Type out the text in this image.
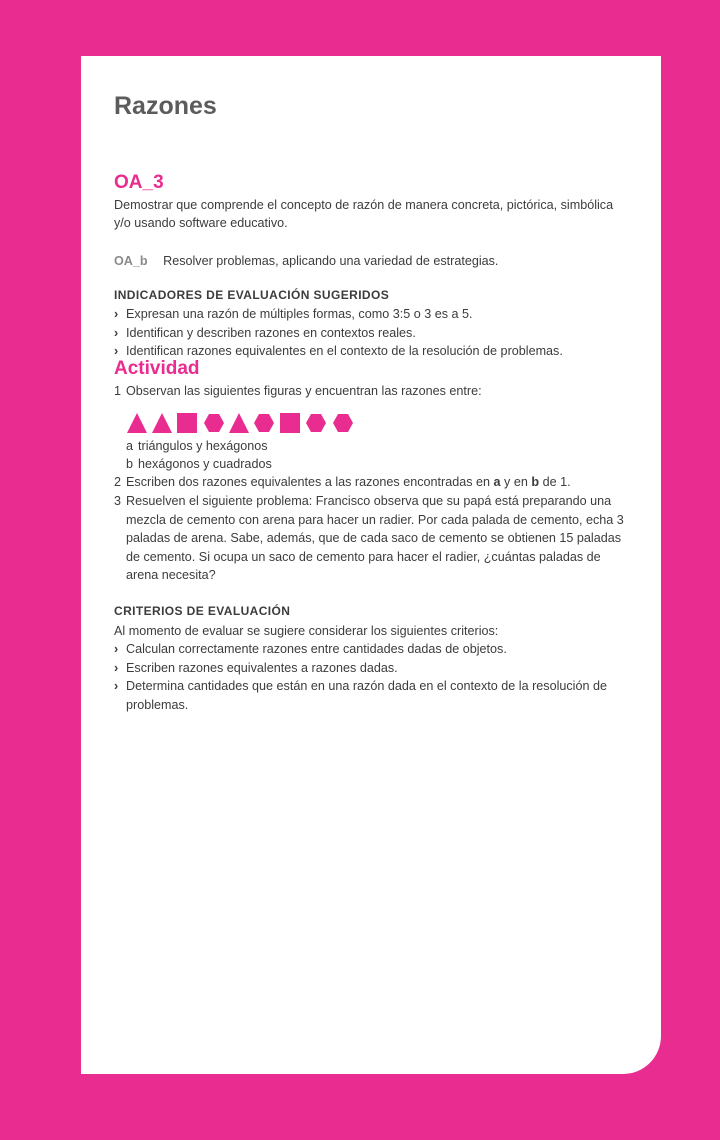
Razones
OA_3
Demostrar que comprende el concepto de razón de manera concreta, pictórica, simbólica y/o usando software educativo.
OA_b Resolver problemas, aplicando una variedad de estrategias.
INDICADORES DE EVALUACIÓN SUGERIDOS
› Expresan una razón de múltiples formas, como 3:5 o 3 es a 5.
› Identifican y describen razones en contextos reales.
› Identifican razones equivalentes en el contexto de la resolución de problemas.
Actividad
1 Observan las siguientes figuras y encuentran las razones entre:
a triángulos y hexágonos
b hexágonos y cuadrados
2 Escriben dos razones equivalentes a las razones encontradas en a y en b de 1.
3 Resuelven el siguiente problema: Francisco observa que su papá está preparando una mezcla de cemento con arena para hacer un radier. Por cada palada de cemento, echa 3 paladas de arena. Sabe, además, que de cada saco de cemento se obtienen 15 paladas de cemento. Si ocupa un saco de cemento para hacer el radier, ¿cuántas paladas de arena necesita?
CRITERIOS DE EVALUACIÓN
Al momento de evaluar se sugiere considerar los siguientes criterios:
› Calculan correctamente razones entre cantidades dadas de objetos.
› Escriben razones equivalentes a razones dadas.
› Determina cantidades que están en una razón dada en el contexto de la resolución de problemas.
